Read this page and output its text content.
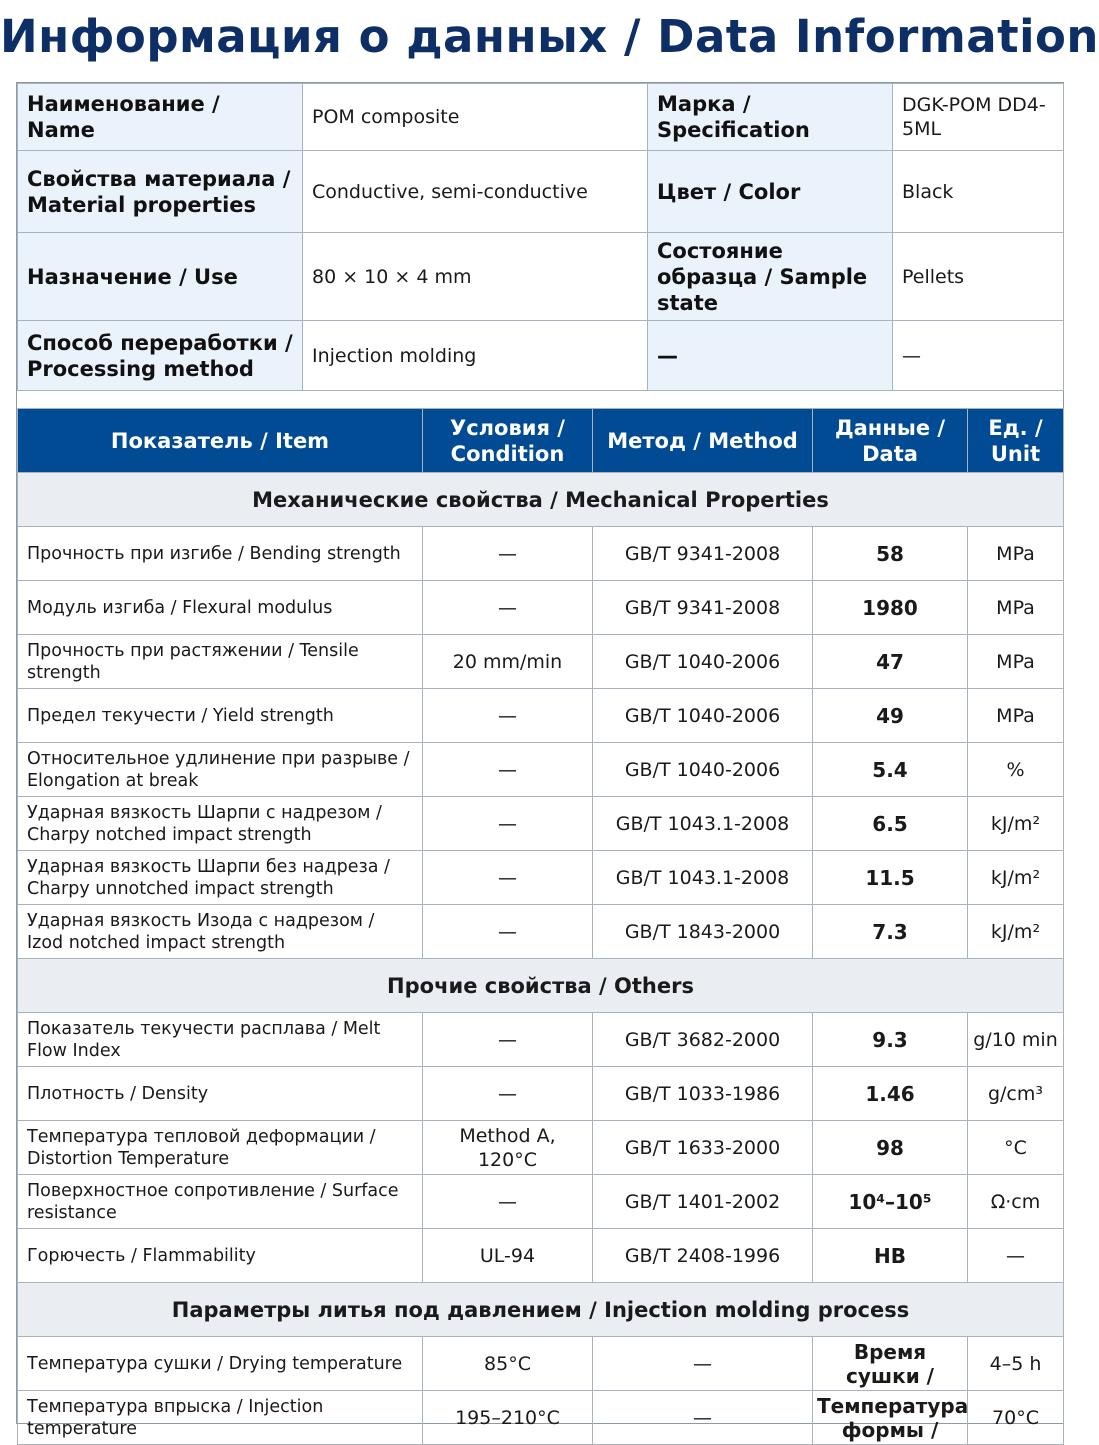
Информация о данных / Data Information
Наименование / Name	POM composite	Марка / Specification	DGK-POM DD4-5ML
Свойства материала / Material properties	Conductive, semi-conductive	Цвет / Color	Black
Назначение / Use	80 × 10 × 4 mm	Состояние образца / Sample state	Pellets
Способ переработки / Processing method	Injection molding	—	—
Показатель / Item	Условия / Condition	Метод / Method	Данные / Data	Ед. / Unit
Механические свойства / Mechanical Properties				
Прочность при изгибе / Bending strength	—	GB/T 9341-2008	58	MPa
Модуль изгиба / Flexural modulus	—	GB/T 9341-2008	1980	MPa
Прочность при растяжении / Tensile strength	20 mm/min	GB/T 1040-2006	47	MPa
Предел текучести / Yield strength	—	GB/T 1040-2006	49	MPa
Относительное удлинение при разрыве / Elongation at break	—	GB/T 1040-2006	5.4	%
Ударная вязкость Шарпи с надрезом / Charpy notched impact strength	—	GB/T 1043.1-2008	6.5	kJ/m²
Ударная вязкость Шарпи без надреза / Charpy unnotched impact strength	—	GB/T 1043.1-2008	11.5	kJ/m²
Ударная вязкость Изода с надрезом / Izod notched impact strength	—	GB/T 1843-2000	7.3	kJ/m²
Прочие свойства / Others				
Показатель текучести расплава / Melt Flow Index	—	GB/T 3682-2000	9.3	g/10 min
Плотность / Density	—	GB/T 1033-1986	1.46	g/cm³
Температура тепловой деформации / Distortion Temperature	Method A, 120°C	GB/T 1633-2000	98	°C
Поверхностное сопротивление / Surface resistance	—	GB/T 1401-2002	10⁴–10⁵	Ω·cm
Горючесть / Flammability	UL-94	GB/T 2408-1996	HB	—
Параметры литья под давлением / Injection molding process				
Температура сушки / Drying temperature	85°C	—	Время сушки /	4–5 h
Температура впрыска / Injection temperature	195–210°C	—	Температура формы /	70°C
